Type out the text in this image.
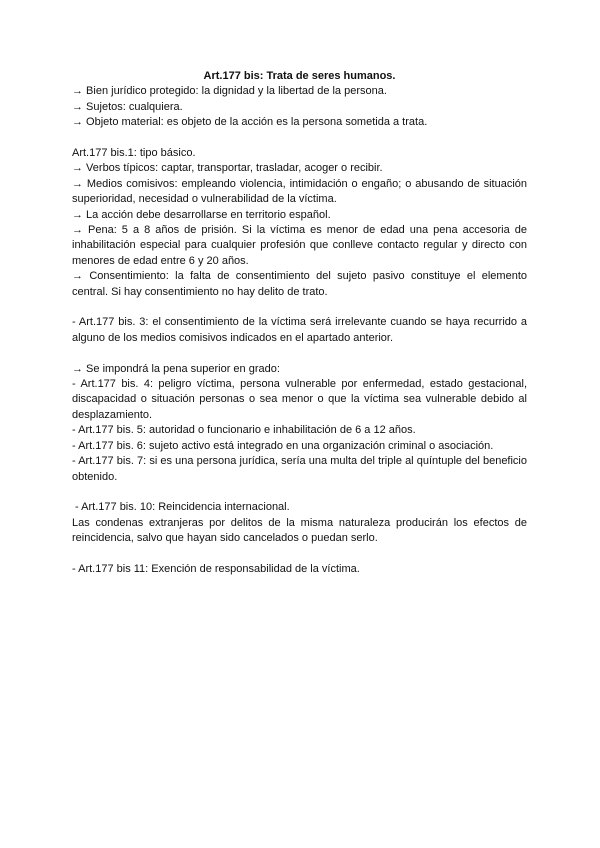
Art.177 bis: Trata de seres humanos.

→ Bien jurídico protegido: la dignidad y la libertad de la persona.

→ Sujetos: cualquiera.

→ Objeto material: es objeto de la acción es la persona sometida a trata.

Art.177 bis.1: tipo básico.

→ Verbos típicos: captar, transportar, trasladar, acoger o recibir.

→ Medios comisivos: empleando violencia, intimidación o engaño; o abusando de situación superioridad, necesidad o vulnerabilidad de la víctima.

→ La acción debe desarrollarse en territorio español.

→ Pena: 5 a 8 años de prisión. Si la víctima es menor de edad una pena accesoria de inhabilitación especial para cualquier profesión que conlleve contacto regular y directo con menores de edad entre 6 y 20 años.

→ Consentimiento: la falta de consentimiento del sujeto pasivo constituye el elemento central. Si hay consentimiento no hay delito de trato.

- Art.177 bis. 3: el consentimiento de la víctima será irrelevante cuando se haya recurrido a alguno de los medios comisivos indicados en el apartado anterior.

→ Se impondrá la pena superior en grado:

- Art.177 bis. 4: peligro víctima, persona vulnerable por enfermedad, estado gestacional, discapacidad o situación personas o sea menor o que la víctima sea vulnerable debido al desplazamiento.

- Art.177 bis. 5: autoridad o funcionario e inhabilitación de 6 a 12 años.

- Art.177 bis. 6: sujeto activo está integrado en una organización criminal o asociación.

- Art.177 bis. 7: si es una persona jurídica, sería una multa del triple al quíntuple del beneficio obtenido.

- Art.177 bis. 10: Reincidencia internacional.

Las condenas extranjeras por delitos de la misma naturaleza producirán los efectos de reincidencia, salvo que hayan sido cancelados o puedan serlo.

- Art.177 bis 11: Exención de responsabilidad de la víctima.
